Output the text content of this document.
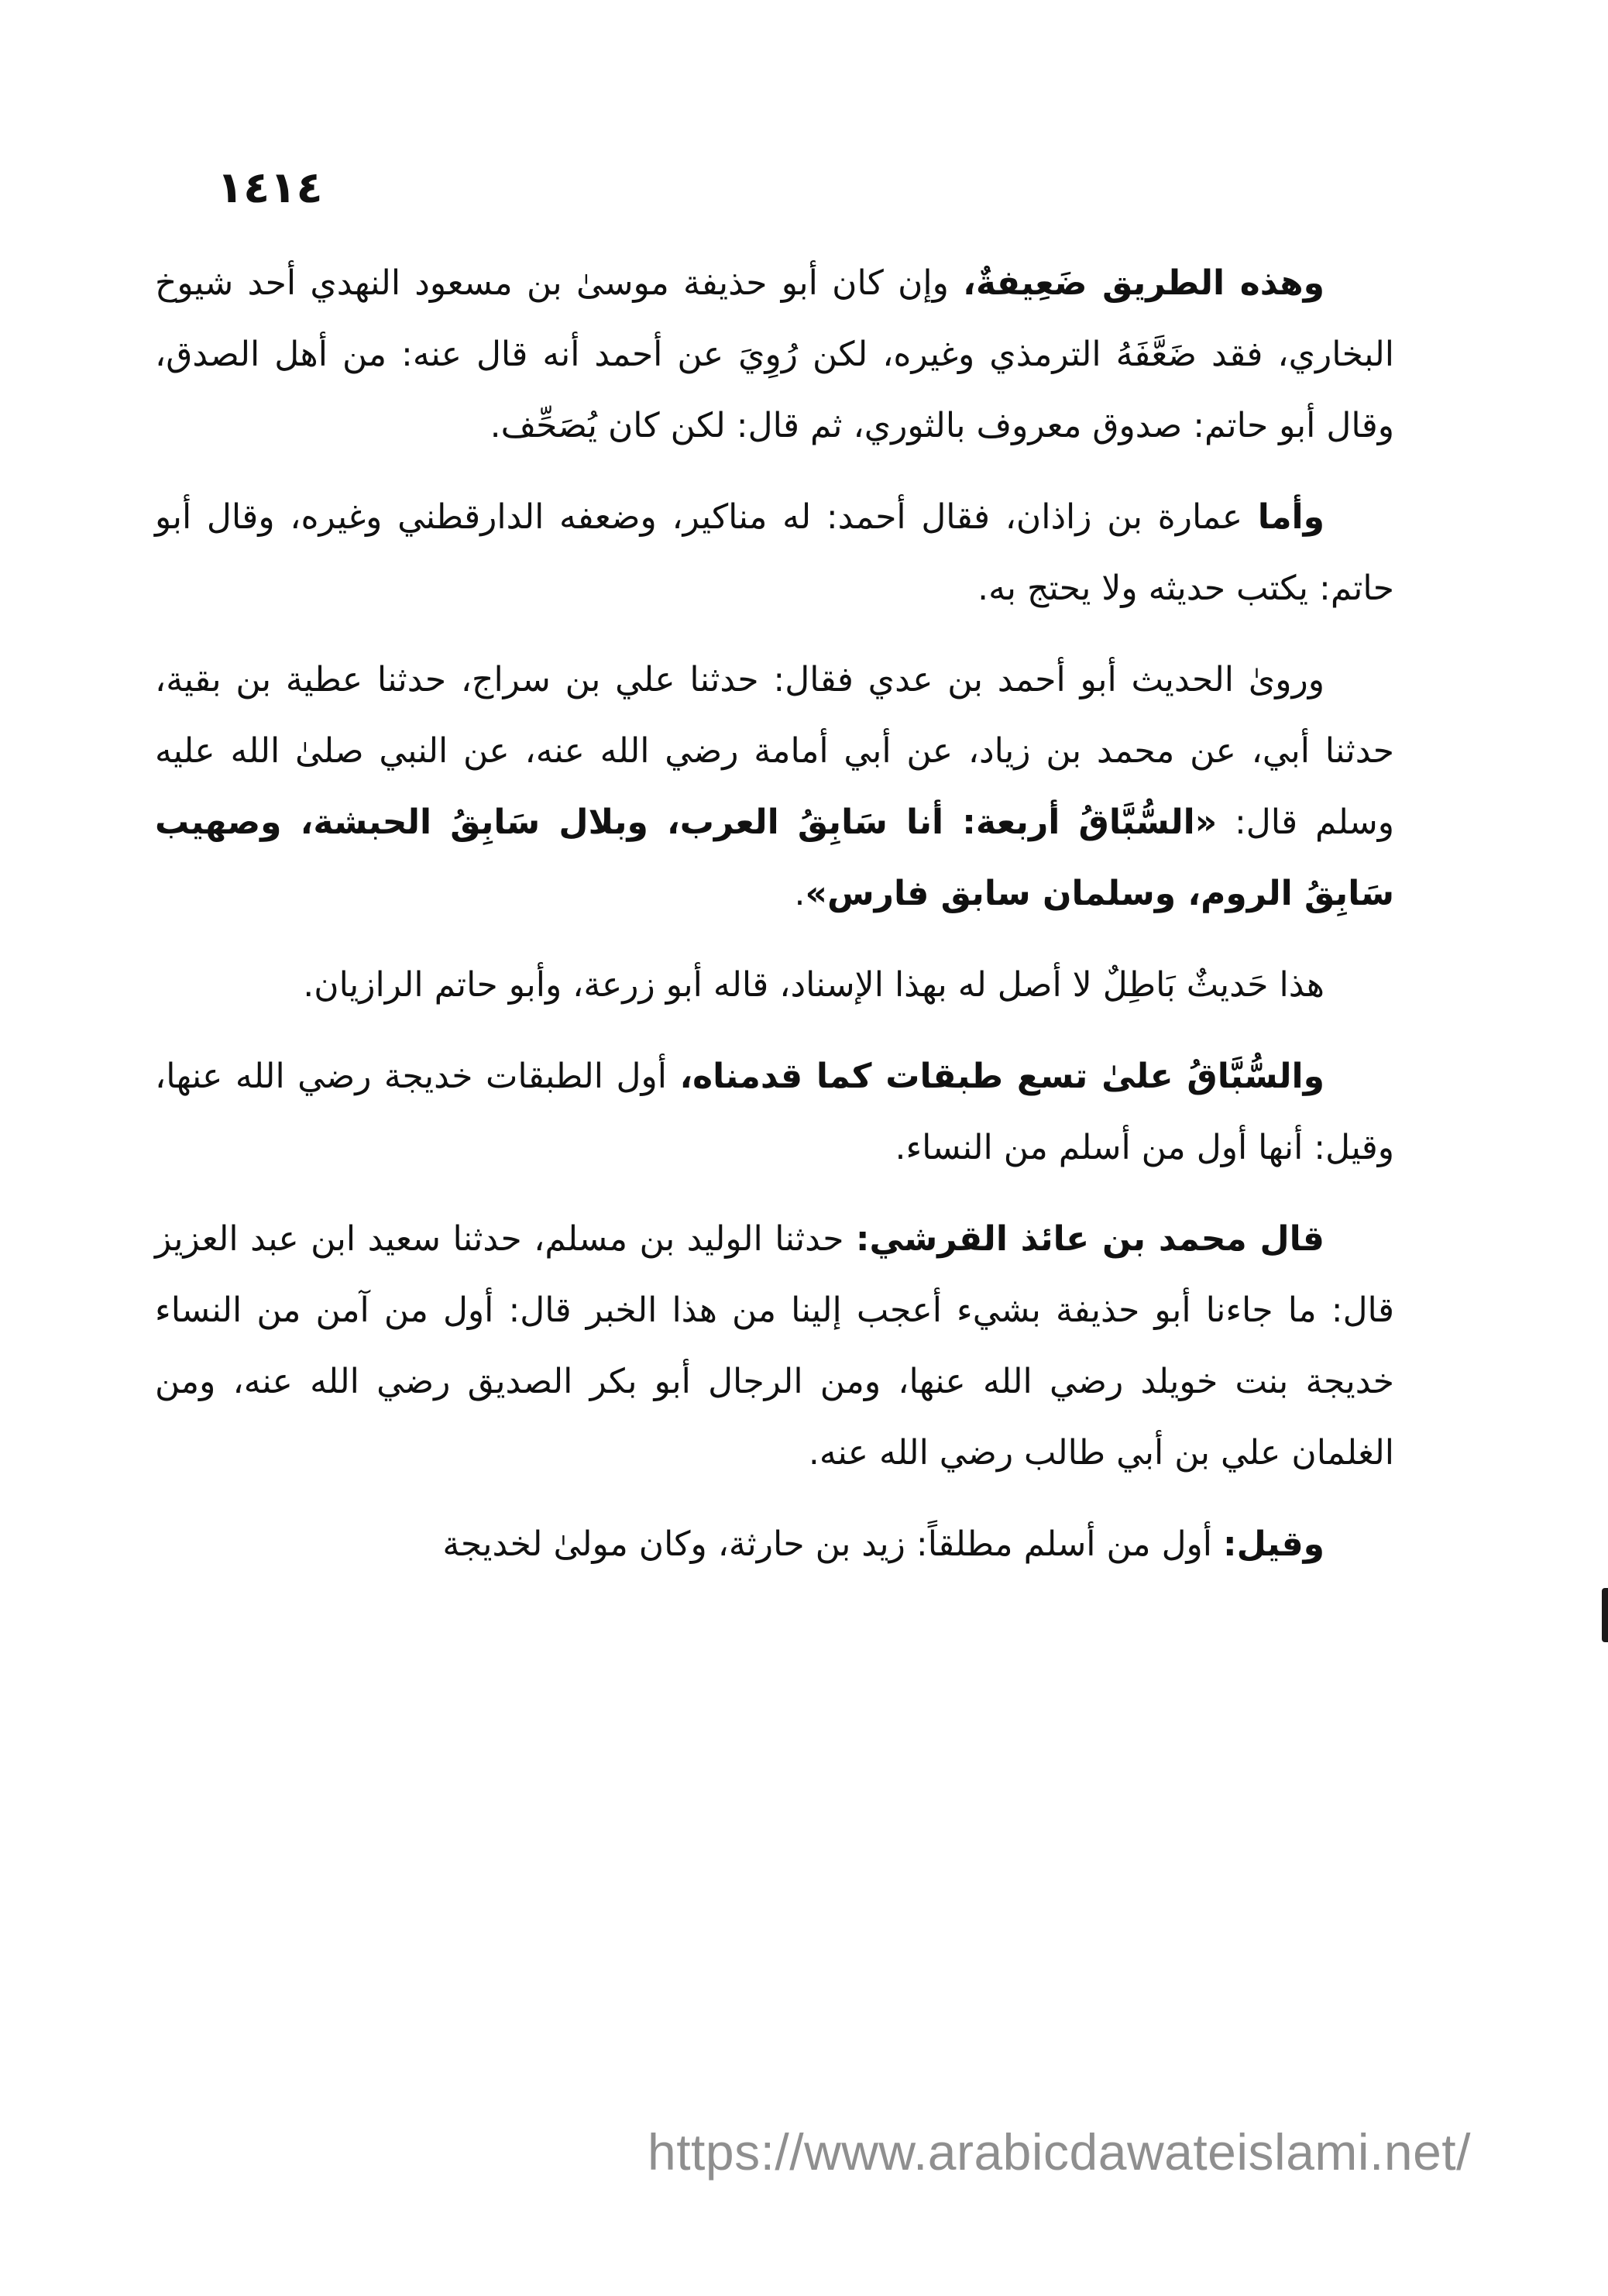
١٤١٤

وهذه الطريق ضَعِيفةٌ، وإن كان أبو حذيفة موسىٰ بن مسعود النهدي أحد شيوخ البخاري، فقد ضَعَّفَهُ الترمذي وغيره، لكن رُوِيَ عن أحمد أنه قال عنه: من أهل الصدق، وقال أبو حاتم: صدوق معروف بالثوري، ثم قال: لكن كان يُصَحِّف.

وأما عمارة بن زاذان، فقال أحمد: له مناكير، وضعفه الدارقطني وغيره، وقال أبو حاتم: يكتب حديثه ولا يحتج به.

ورویٰ الحديث أبو أحمد بن عدي فقال: حدثنا علي بن سراج، حدثنا عطية بن بقية، حدثنا أبي، عن محمد بن زياد، عن أبي أمامة رضي الله عنه، عن النبي صلىٰ الله عليه وسلم قال: «السُّبَّاقُ أربعة: أنا سَابِقُ العرب، وبلال سَابِقُ الحبشة، وصهيب سَابِقُ الروم، وسلمان سابق فارس».

هذا حَديثٌ بَاطِلٌ لا أصل له بهذا الإسناد، قاله أبو زرعة، وأبو حاتم الرازيان.

والسُّبَّاقُ علىٰ تسع طبقات كما قدمناه، أول الطبقات خديجة رضي الله عنها، وقيل: أنها أول من أسلم من النساء.

قال محمد بن عائذ القرشي: حدثنا الوليد بن مسلم، حدثنا سعيد ابن عبد العزيز قال: ما جاءنا أبو حذيفة بشيء أعجب إلينا من هذا الخبر قال: أول من آمن من النساء خديجة بنت خويلد رضي الله عنها، ومن الرجال أبو بكر الصديق رضي الله عنه، ومن الغلمان علي بن أبي طالب رضي الله عنه.

وقيل: أول من أسلم مطلقاً: زيد بن حارثة، وكان مولىٰ لخديجة

https://www.arabicdawateislami.net/
